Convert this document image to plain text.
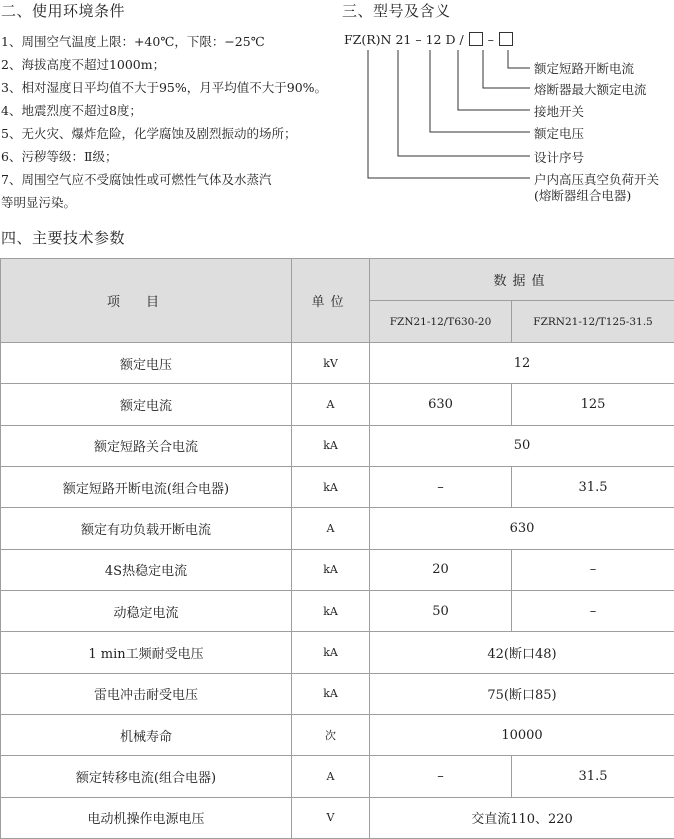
二、使用环境条件	三、型号及含义
四、主要技术参数
1、周围空气温度上限：+40℃，下限：−25℃
2、海拔高度不超过1000m；
3、相对湿度日平均值不大于95%，月平均值不大于90%。
4、地震烈度不超过8度；
5、无火灾、爆炸危险，化学腐蚀及剧烈振动的场所；
6、污秽等级：Ⅱ级；
7、周围空气应不受腐蚀性或可燃性气体及水蒸汽
等明显污染。
FZ(R)N 21 – 12 D / –
额定短路开断电流
熔断器最大额定电流
接地开关
额定电压
设计序号
户内高压真空负荷开关
(熔断器组合电器)
项目	单位	数据值	
		FZN21-12/T630-20	FZRN21-12/T125-31.5
额定电压	kV	12	
额定电流	A	630	125
额定短路关合电流	kA	50	
额定短路开断电流(组合电器)	kA	–	31.5
额定有功负载开断电流	A	630	
4S热稳定电流	kA	20	–
动稳定电流	kA	50	–
1 min工频耐受电压	kA	42(断口48)	
雷电冲击耐受电压	kA	75(断口85)	
机械寿命	次	10000	
额定转移电流(组合电器)	A	–	31.5
电动机操作电源电压	V	交直流110、220	
